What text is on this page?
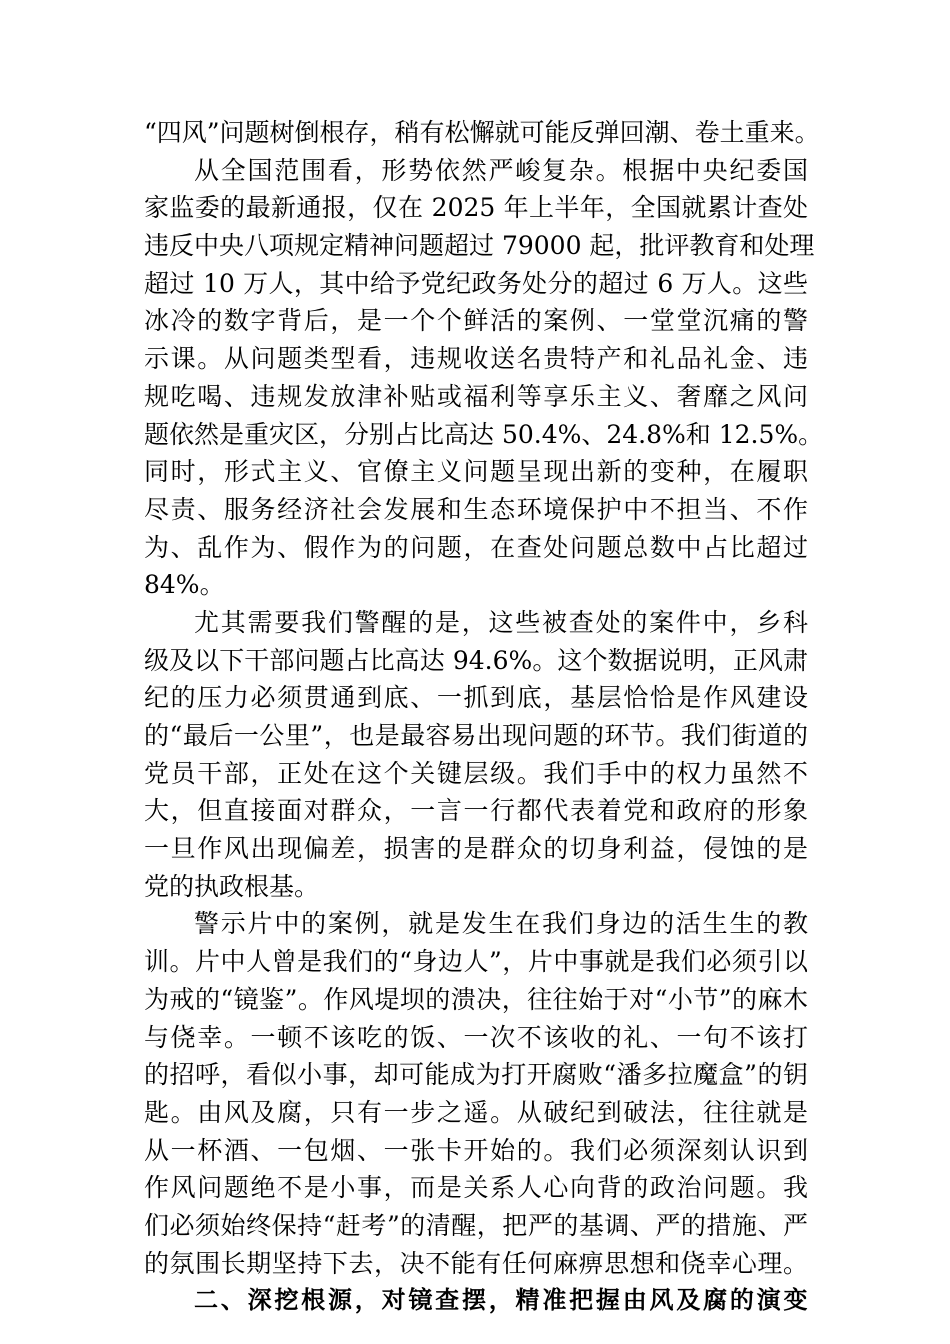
“四风”问题树倒根存，稍有松懈就可能反弹回潮、卷土重来。
从全国范围看，形势依然严峻复杂。根据中央纪委国
家监委的最新通报，仅在 2025 年上半年，全国就累计查处
违反中央八项规定精神问题超过 79000 起，批评教育和处理
超过 10 万人，其中给予党纪政务处分的超过 6 万人。这些
冰冷的数字背后，是一个个鲜活的案例、一堂堂沉痛的警
示课。从问题类型看，违规收送名贵特产和礼品礼金、违
规吃喝、违规发放津补贴或福利等享乐主义、奢靡之风问
题依然是重灾区，分别占比高达 50.4%、24.8%和 12.5%。
同时，形式主义、官僚主义问题呈现出新的变种，在履职
尽责、服务经济社会发展和生态环境保护中不担当、不作
为、乱作为、假作为的问题，在查处问题总数中占比超过
84%。
尤其需要我们警醒的是，这些被查处的案件中，乡科
级及以下干部问题占比高达 94.6%。这个数据说明，正风肃
纪的压力必须贯通到底、一抓到底，基层恰恰是作风建设
的“最后一公里”，也是最容易出现问题的环节。我们街道的
党员干部，正处在这个关键层级。我们手中的权力虽然不
大，但直接面对群众，一言一行都代表着党和政府的形象
一旦作风出现偏差，损害的是群众的切身利益，侵蚀的是
党的执政根基。
警示片中的案例，就是发生在我们身边的活生生的教
训。片中人曾是我们的“身边人”，片中事就是我们必须引以
为戒的“镜鉴”。作风堤坝的溃决，往往始于对“小节”的麻木
与侥幸。一顿不该吃的饭、一次不该收的礼、一句不该打
的招呼，看似小事，却可能成为打开腐败“潘多拉魔盒”的钥
匙。由风及腐，只有一步之遥。从破纪到破法，往往就是
从一杯酒、一包烟、一张卡开始的。我们必须深刻认识到
作风问题绝不是小事，而是关系人心向背的政治问题。我
们必须始终保持“赶考”的清醒，把严的基调、严的措施、严
的氛围长期坚持下去，决不能有任何麻痹思想和侥幸心理。
二、深挖根源，对镜查摆，精准把握由风及腐的演变
